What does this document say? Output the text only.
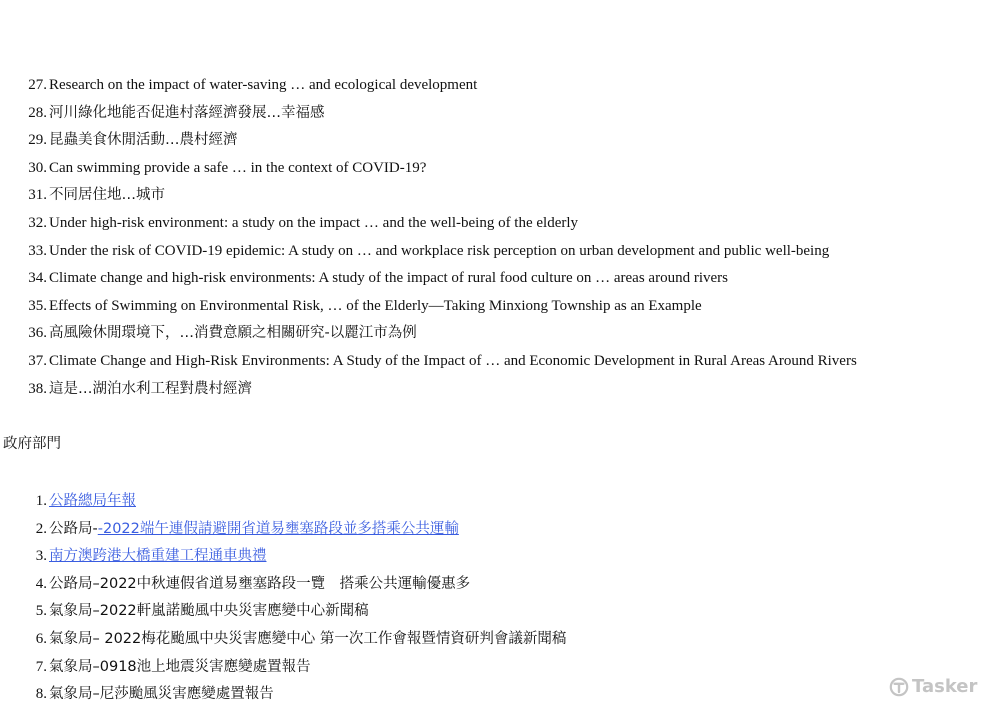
27. Research on the impact of water-saving … and ecological development
28. 河川綠化地能否促進村落經濟發展…幸福感
29. 昆蟲美食休閒活動…農村經濟
30. Can swimming provide a safe … in the context of COVID-19?
31. 不同居住地…城市
32. Under high-risk environment: a study on the impact … and the well-being of the elderly
33. Under the risk of COVID-19 epidemic: A study on … and workplace risk perception on urban development and public well-being
34. Climate change and high-risk environments: A study of the impact of rural food culture on … areas around rivers
35. Effects of Swimming on Environmental Risk, … of the Elderly—Taking Minxiong Township as an Example
36. 高風險休閒環境下，…消費意願之相關研究-以麗江市為例
37. Climate Change and High-Risk Environments: A Study of the Impact of … and Economic Development in Rural Areas Around Rivers
38. 這是…湖泊水利工程對農村經濟
政府部門
1. 公路總局年報
2. 公路局--2022端午連假請避開省道易壅塞路段並多搭乘公共運輸
3. 南方澳跨港大橋重建工程通車典禮
4. 公路局–2022中秋連假省道易壅塞路段一覽　搭乘公共運輸優惠多
5. 氣象局–2022軒嵐諾颱風中央災害應變中心新聞稿
6. 氣象局– 2022梅花颱風中央災害應變中心 第一次工作會報暨情資研判會議新聞稿
7. 氣象局–0918池上地震災害應變處置報告
8. 氣象局–尼莎颱風災害應變處置報告	Tasker
